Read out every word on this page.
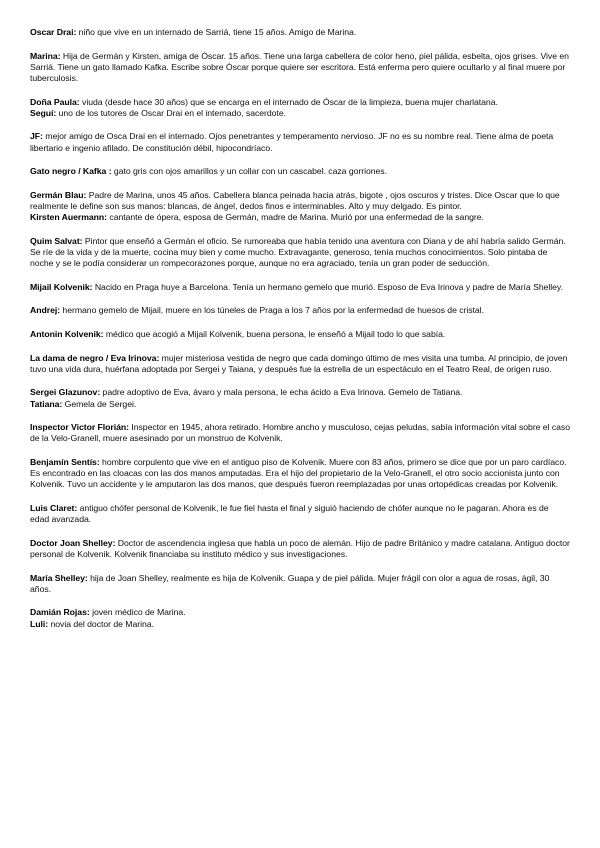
Oscar Drai: niño que vive en un internado de Sarriá, tiene 15 años. Amigo de Marina.

Marina: Hija de Germán y Kirsten, amiga de Óscar. 15 años. Tiene una larga cabellera de color heno, piel pálida, esbelta, ojos grises. Vive en Sarriá. Tiene un gato llamado Kafka. Escribe sobre Óscar porque quiere ser escritora. Está enferma pero quiere ocultarlo y al final muere por tuberculosis.

Doña Paula: viuda (desde hace 30 años) que se encarga en el internado de Óscar de la limpieza, buena mujer charlatana.

Seguí: uno de los tutores de Oscar Drai en el internado, sacerdote.

JF: mejor amigo de Osca Drai en el internado. Ojos penetrantes y temperamento nervioso. JF no es su nombre real. Tiene alma de poeta libertario e ingenio afilado. De constitución débil, hipocondríaco.

Gato negro / Kafka : gato gris con ojos amarillos y un collar con un cascabel. caza gorriones.

Germán Blau: Padre de Marina, unos 45 años. Cabellera blanca peinada hacia atrás, bigote , ojos oscuros y tristes. Dice Oscar que lo que realmente le define son sus manos: blancas, de ángel, dedos finos e interminables. Alto y muy delgado. Es pintor.

Kirsten Auermann: cantante de ópera, esposa de Germán, madre de Marina. Murió por una enfermedad de la sangre.

Quim Salvat: Pintor que enseñó a Germán el oficio. Se rumoreaba que había tenido una aventura con Diana y de ahí habría salido Germán. Se ríe de la vida y de la muerte, cocina muy bien y come mucho. Extravagante, generoso, tenía muchos conocimientos. Solo pintaba de noche y se le podía considerar un rompecorazones porque, aunque no era agraciado, tenía un gran poder de seducción.

Mijail Kolvenik: Nacido en Praga huye a Barcelona. Tenía un hermano gemelo que murió. Esposo de Eva Irinova y padre de María Shelley.

Andrej: hermano gemelo de Mijail, muere en los túneles de Praga a los 7 años por la enfermedad de huesos de cristal.

Antonin Kolvenik: médico que acogió a Mijail Kolvenik, buena persona, le enseñó a Mijail todo lo que sabía.

La dama de negro / Eva Irinova: mujer misteriosa vestida de negro que cada domingo último de mes visita una tumba. Al principio, de joven tuvo una vida dura, huérfana adoptada por Sergei y Taiana, y después fue la estrella de un espectáculo en el Teatro Real, de origen ruso.

Sergei Glazunov: padre adoptivo de Eva, ávaro y mala persona, le echa ácido a Eva Irinova. Gemelo de Tatiana.

Tatiana: Gemela de Sergei.

Inspector Victor Florián: Inspector en 1945, ahora retirado. Hombre ancho y musculoso, cejas peludas, sabía información vital sobre el caso de la Velo-Granell, muere asesinado por un monstruo de Kolvenik.

Benjamín Sentís: hombre corpulento que vive en el antiguo piso de Kolvenik. Muere con 83 años, primero se dice que por un paro cardíaco. Es encontrado en las cloacas con las dos manos amputadas. Era el hijo del propietario de la Velo-Granell, el otro socio accionista junto con Kolvenik. Tuvo un accidente y le amputaron las dos manos, que después fueron reemplazadas por unas ortopédicas creadas por Kolvenik.

Luis Claret: antiguo chófer personal de Kolvenik, le fue fiel hasta el final y siguió haciendo de chófer aunque no le pagaran. Ahora es de edad avanzada.

Doctor Joan Shelley: Doctor de ascendencia inglesa que habla un poco de alemán. Hijo de padre Británico y madre catalana. Antiguo doctor personal de Kolvenik. Kolvenik financiaba su instituto médico y sus investigaciones.

María Shelley: hija de Joan Shelley, realmente es hija de Kolvenik. Guapa y de piel pálida. Mujer frágil con olor a agua de rosas, ágil, 30 años.

Damián Rojas: joven médico de Marina.

Luli: novia del doctor de Marina.
